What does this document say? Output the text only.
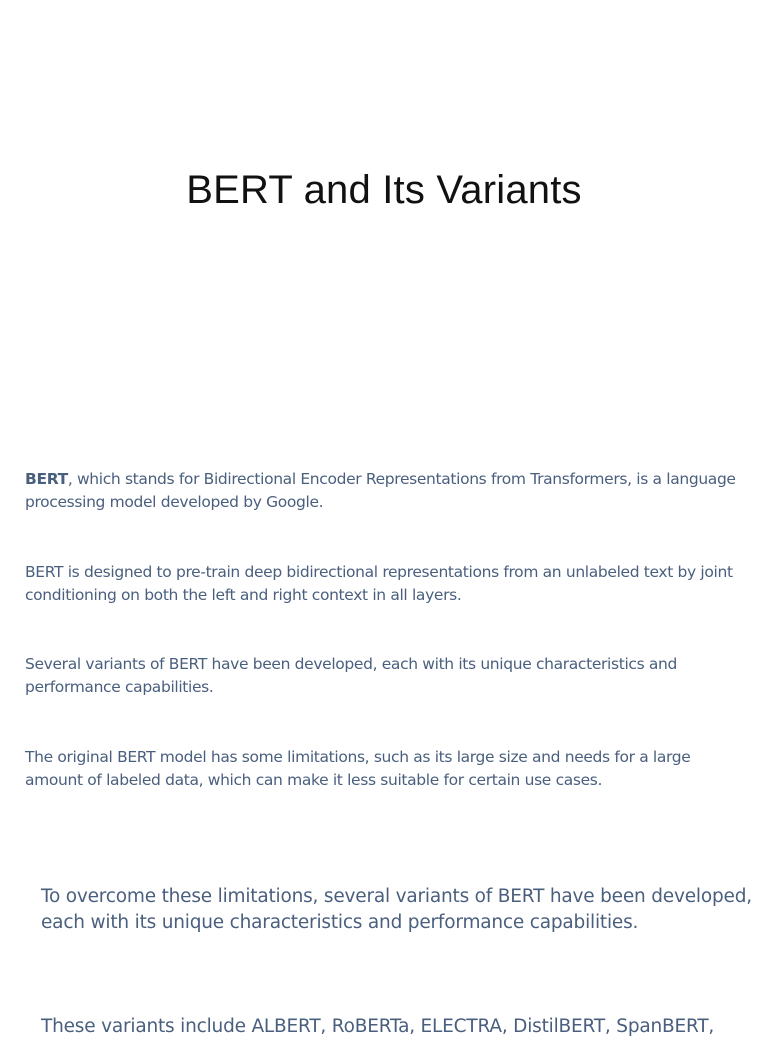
BERT and Its Variants

BERT, which stands for Bidirectional Encoder Representations from Transformers, is a language processing model developed by Google.

BERT is designed to pre-train deep bidirectional representations from an unlabeled text by joint conditioning on both the left and right context in all layers.

Several variants of BERT have been developed, each with its unique characteristics and performance capabilities.

The original BERT model has some limitations, such as its large size and needs for a large amount of labeled data, which can make it less suitable for certain use cases.

To overcome these limitations, several variants of BERT have been developed, each with its unique characteristics and performance capabilities.

These variants include ALBERT, RoBERTa, ELECTRA, DistilBERT, SpanBERT,
